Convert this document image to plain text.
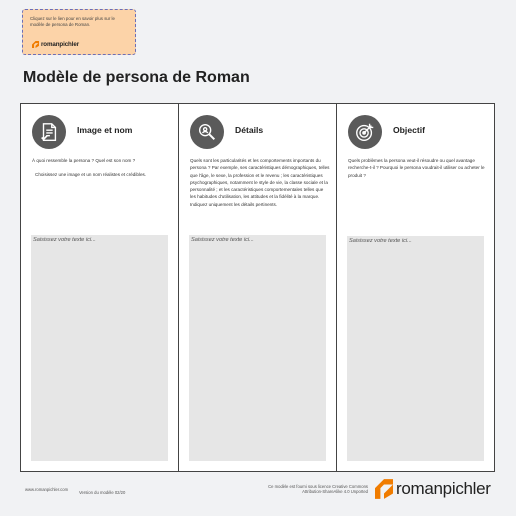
Cliquez sur le lien pour en savoir plus sur le modèle de persona de Roman.
romanpichler
Modèle de persona de Roman
Image et nom
À quoi ressemble la persona ? Quel est son nom ?
Choisissez une image et un nom réalistes et crédibles.
Saisissez votre texte ici...
Détails
Quels sont les particularités et les comportements importants du persona ? Par exemple, ses caractéristiques démographiques, telles que l'âge, le sexe, la profession et le revenu ; les caractéristiques psychographiques, notamment le style de vie, la classe sociale et la personnalité ; et les caractéristiques comportementales telles que les habitudes d'utilisation, les attitudes et la fidélité à la marque. Indiquez uniquement les détails pertinents.
Saisissez votre texte ici...
Objectif
Quels problèmes la persona veut-il résoudre ou quel avantage recherche-t-il ? Pourquoi le persona voudrait-il utiliser ou acheter le produit ?
Saisissez votre texte ici...
www.romanpichler.com
Version du modèle 02/20
Ce modèle est fourni sous licence Creative Commons Attribution-ShareAlike 4.0 Unported romanpichler
